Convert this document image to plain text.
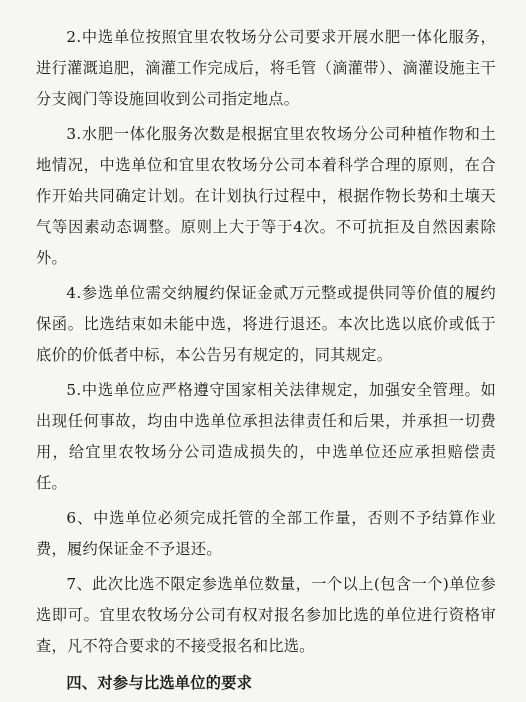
2.中选单位按照宜里农牧场分公司要求开展水肥一体化服务，进行灌溉追肥，滴灌工作完成后，将毛管（滴灌带）、滴灌设施主干分支阀门等设施回收到公司指定地点。

3.水肥一体化服务次数是根据宜里农牧场分公司种植作物和土地情况，中选单位和宜里农牧场分公司本着科学合理的原则，在合作开始共同确定计划。在计划执行过程中，根据作物长势和土壤天气等因素动态调整。原则上大于等于4次。不可抗拒及自然因素除外。

4.参选单位需交纳履约保证金贰万元整或提供同等价值的履约保函。比选结束如未能中选，将进行退还。本次比选以底价或低于底价的价低者中标，本公告另有规定的，同其规定。

5.中选单位应严格遵守国家相关法律规定，加强安全管理。如出现任何事故，均由中选单位承担法律责任和后果，并承担一切费用，给宜里农牧场分公司造成损失的，中选单位还应承担赔偿责任。

6、中选单位必须完成托管的全部工作量，否则不予结算作业费，履约保证金不予退还。

7、此次比选不限定参选单位数量，一个以上(包含一个)单位参选即可。宜里农牧场分公司有权对报名参加比选的单位进行资格审查，凡不符合要求的不接受报名和比选。

四、对参与比选单位的要求
